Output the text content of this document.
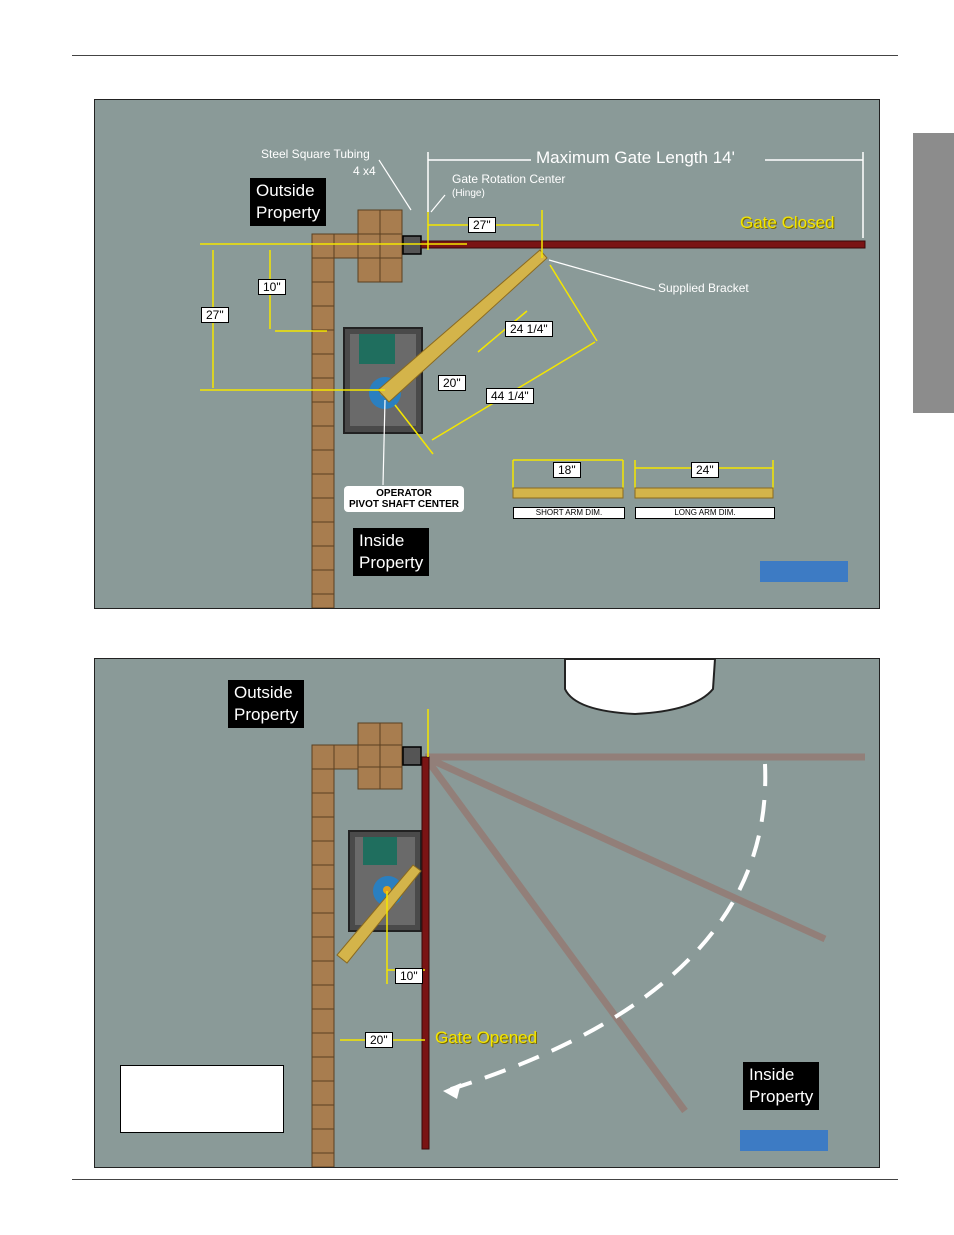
Outside
Property
Inside
Property
Steel Square Tubing
4 x4
Maximum Gate Length 14'
Gate Rotation Center
(Hinge)
Gate Closed
Supplied Bracket
27"
10"
27"
24 1/4"
20"
44 1/4"
OPERATOR
PIVOT SHAFT CENTER
18"	24"
SHORT ARM DIM.	LONG ARM DIM.
Outside
Property
Inside
Property
10"
20"	Gate Opened
